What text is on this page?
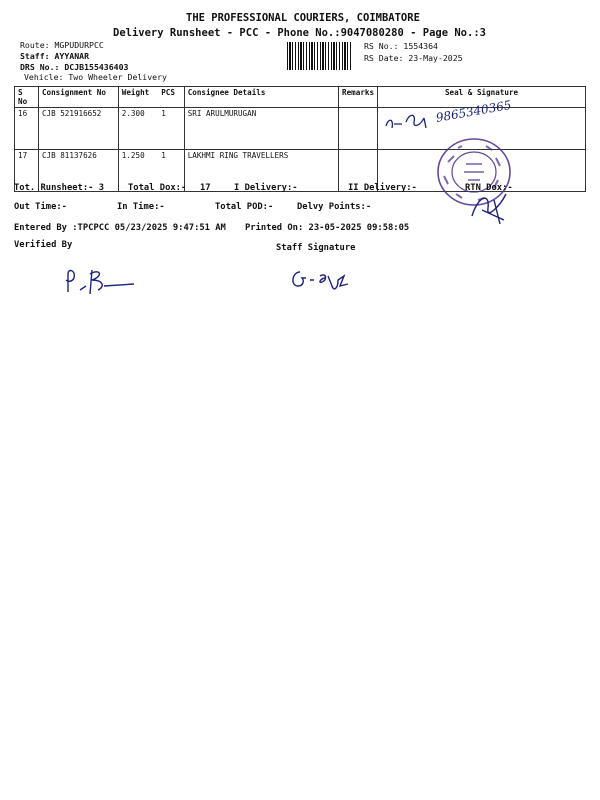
THE PROFESSIONAL COURIERS, COIMBATORE
Delivery Runsheet - PCC - Phone No.:9047080280 - Page No.:3
Route: MGPUDURPCC
Staff: AYYANAR
DRS No.: DCJB155436403
Vehicle: Two Wheeler Delivery
RS No.: 1554364
RS Date: 23-May-2025
S No	Consignment No	Weight	PCS	Consignee Details	Remarks	Seal & Signature
16	CJB 521916652	2.300	1	SRI ARULMURUGAN		
17	CJB 81137626	1.250	1	LAKHMI RING TRAVELLERS		
9865340365
Tot. Runsheet:- 3	Total Dox:- 17	I Delivery:-	II Delivery:-	RTN Dox:-
Out Time:-	In Time:-	Total POD:-	Delvy Points:-
Entered By :TPCPCC 05/23/2025 9:47:51 AM Printed On: 23-05-2025 09:58:05
Verified By	Staff Signature
